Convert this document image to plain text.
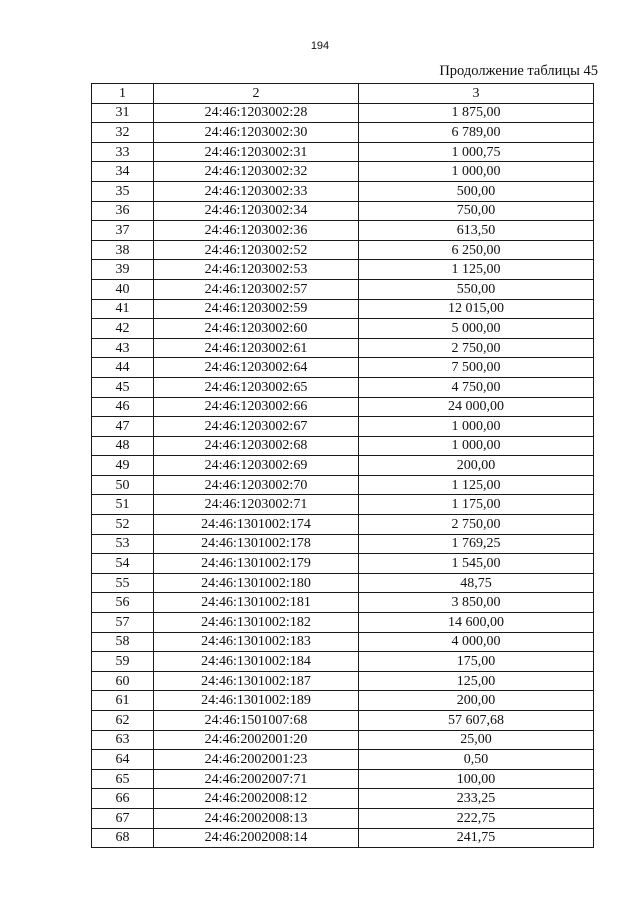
194
Продолжение таблицы 45
1	2	3
31	24:46:1203002:28	1 875,00
32	24:46:1203002:30	6 789,00
33	24:46:1203002:31	1 000,75
34	24:46:1203002:32	1 000,00
35	24:46:1203002:33	500,00
36	24:46:1203002:34	750,00
37	24:46:1203002:36	613,50
38	24:46:1203002:52	6 250,00
39	24:46:1203002:53	1 125,00
40	24:46:1203002:57	550,00
41	24:46:1203002:59	12 015,00
42	24:46:1203002:60	5 000,00
43	24:46:1203002:61	2 750,00
44	24:46:1203002:64	7 500,00
45	24:46:1203002:65	4 750,00
46	24:46:1203002:66	24 000,00
47	24:46:1203002:67	1 000,00
48	24:46:1203002:68	1 000,00
49	24:46:1203002:69	200,00
50	24:46:1203002:70	1 125,00
51	24:46:1203002:71	1 175,00
52	24:46:1301002:174	2 750,00
53	24:46:1301002:178	1 769,25
54	24:46:1301002:179	1 545,00
55	24:46:1301002:180	48,75
56	24:46:1301002:181	3 850,00
57	24:46:1301002:182	14 600,00
58	24:46:1301002:183	4 000,00
59	24:46:1301002:184	175,00
60	24:46:1301002:187	125,00
61	24:46:1301002:189	200,00
62	24:46:1501007:68	57 607,68
63	24:46:2002001:20	25,00
64	24:46:2002001:23	0,50
65	24:46:2002007:71	100,00
66	24:46:2002008:12	233,25
67	24:46:2002008:13	222,75
68	24:46:2002008:14	241,75
